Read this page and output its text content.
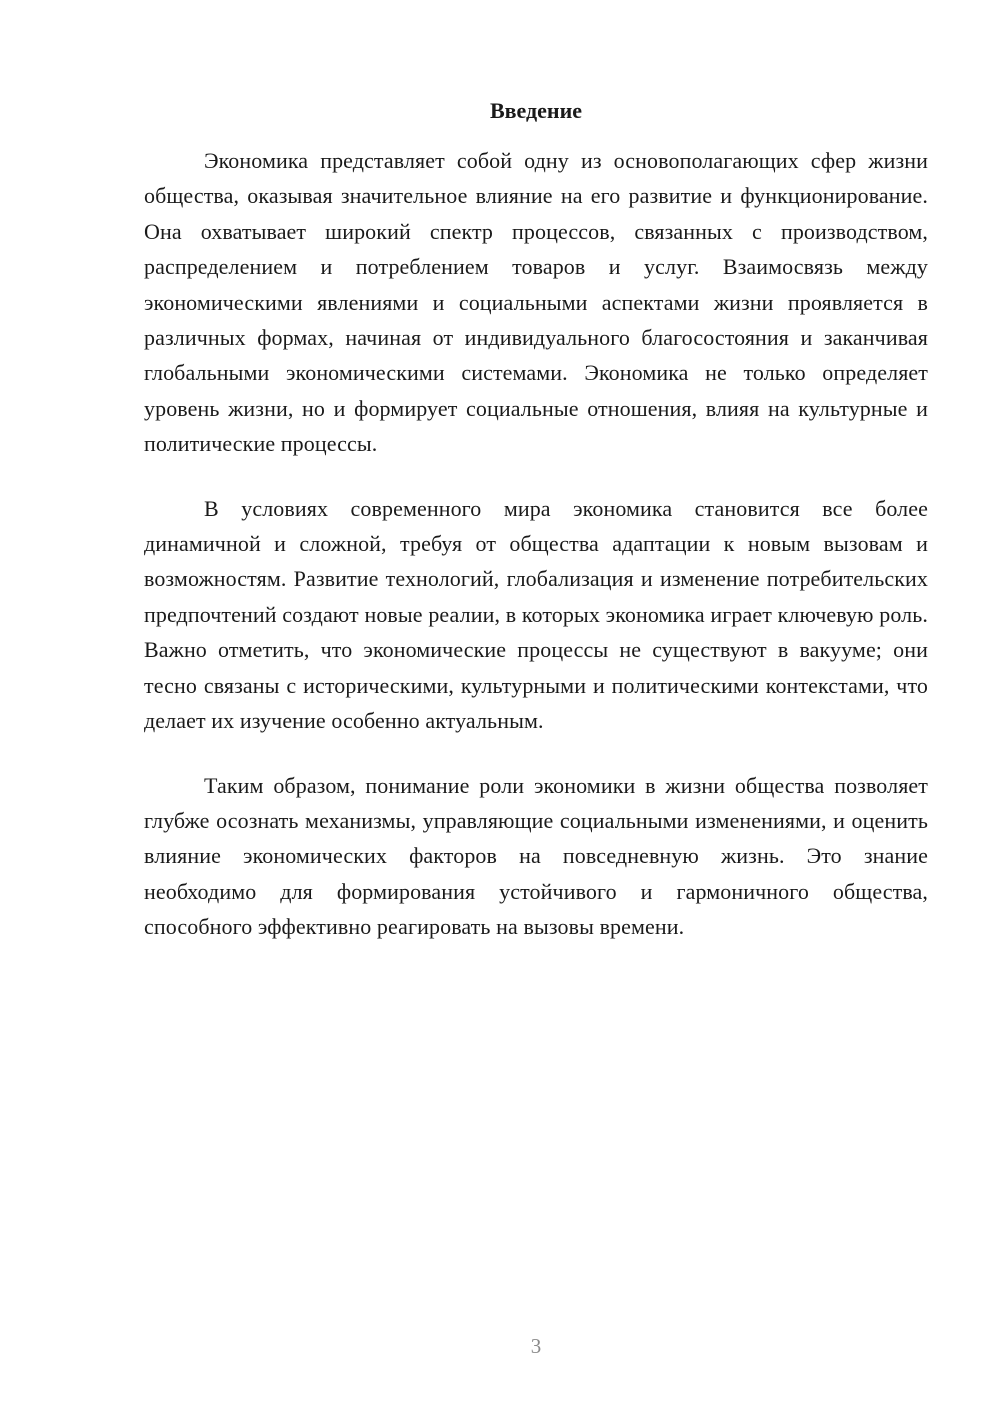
Введение

Экономика представляет собой одну из основополагающих сфер жизни общества, оказывая значительное влияние на его развитие и функционирование. Она охватывает широкий спектр процессов, связанных с производством, распределением и потреблением товаров и услуг. Взаимосвязь между экономическими явлениями и социальными аспектами жизни проявляется в различных формах, начиная от индивидуального благосостояния и заканчивая глобальными экономическими системами. Экономика не только определяет уровень жизни, но и формирует социальные отношения, влияя на культурные и политические процессы.

В условиях современного мира экономика становится все более динамичной и сложной, требуя от общества адаптации к новым вызовам и возможностям. Развитие технологий, глобализация и изменение потребительских предпочтений создают новые реалии, в которых экономика играет ключевую роль. Важно отметить, что экономические процессы не существуют в вакууме; они тесно связаны с историческими, культурными и политическими контекстами, что делает их изучение особенно актуальным.

Таким образом, понимание роли экономики в жизни общества позволяет глубже осознать механизмы, управляющие социальными изменениями, и оценить влияние экономических факторов на повседневную жизнь. Это знание необходимо для формирования устойчивого и гармоничного общества, способного эффективно реагировать на вызовы времени.

3
